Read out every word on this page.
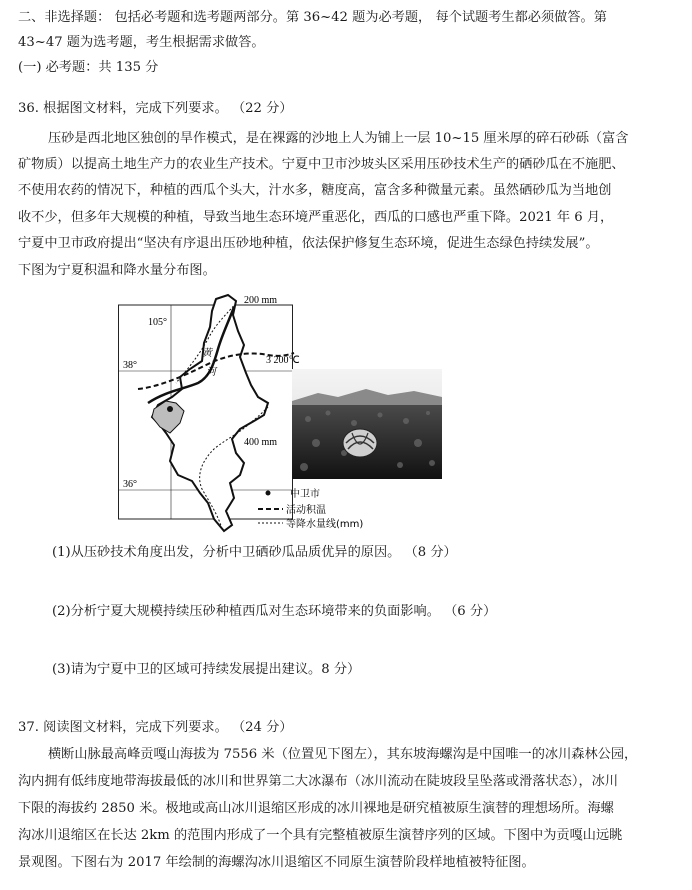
二、非选择题： 包括必考题和选考题两部分。第 36~42 题为必考题， 每个试题考生都必须做答。第
43~47 题为选考题，考生根据需求做答。
(一) 必考题：共 135 分
36. 根据图文材料，完成下列要求。 （22 分）
压砂是西北地区独创的旱作模式，是在裸露的沙地上人为铺上一层 10~15 厘米厚的碎石砂砾（富含
矿物质）以提高土地生产力的农业生产技术。宁夏中卫市沙坡头区采用压砂技术生产的硒砂瓜在不施肥、
不使用农药的情况下，种植的西瓜个头大，汁水多，糖度高，富含多种微量元素。虽然硒砂瓜为当地创
收不少，但多年大规模的种植，导致当地生态环境严重恶化，西瓜的口感也严重下降。2021 年 6 月，
宁夏中卫市政府提出“坚决有序退出压砂地种植，依法保护修复生态环境，促进生态绿色持续发展”。
下图为宁夏积温和降水量分布图。
105°
38°
36°
200 mm
3 200℃
400 mm
黄
河
中卫市
活动积温
等降水量线(mm)
(1)从压砂技术角度出发，分析中卫硒砂瓜品质优异的原因。 （8 分）
(2)分析宁夏大规模持续压砂种植西瓜对生态环境带来的负面影响。 （6 分）
(3)请为宁夏中卫的区域可持续发展提出建议。8 分）
37. 阅读图文材料，完成下列要求。 （24 分）
横断山脉最高峰贡嘎山海拔为 7556 米（位置见下图左），其东坡海螺沟是中国唯一的冰川森林公园，
沟内拥有低纬度地带海拔最低的冰川和世界第二大冰瀑布（冰川流动在陡坡段呈坠落或滑落状态），冰川
下限的海拔约 2850 米。极地或高山冰川退缩区形成的冰川裸地是研究植被原生演替的理想场所。海螺
沟冰川退缩区在长达 2km 的范围内形成了一个具有完整植被原生演替序列的区域。下图中为贡嘎山远眺
景观图。下图右为 2017 年绘制的海螺沟冰川退缩区不同原生演替阶段样地植被特征图。
